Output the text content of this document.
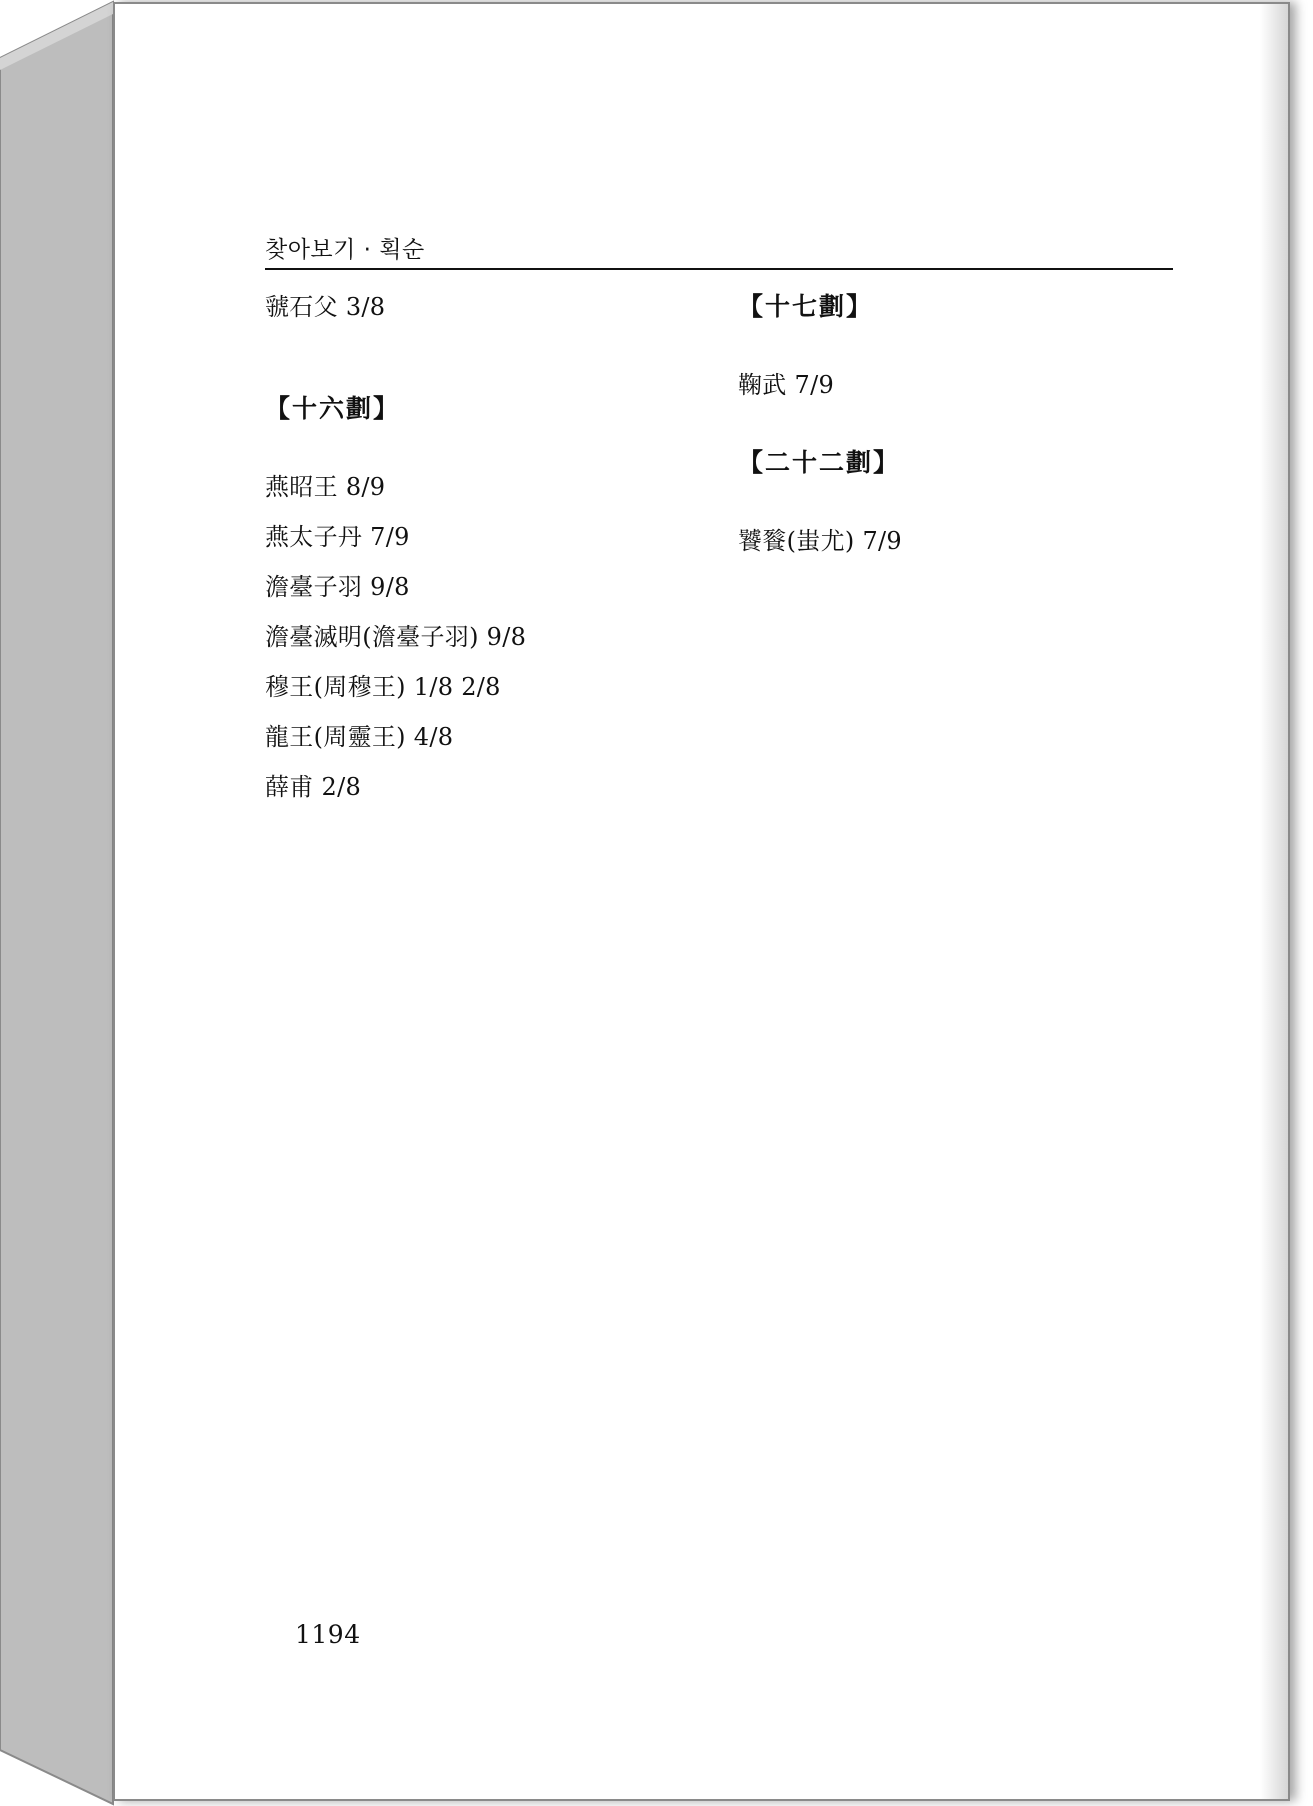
찾아보기 · 획순
虢石父 3/8
【十六劃】
燕昭王 8/9
燕太子丹 7/9
澹臺子羽 9/8
澹臺滅明(澹臺子羽) 9/8
穆王(周穆王) 1/8 2/8
龍王(周靈王) 4/8
薛甫 2/8
【十七劃】
鞠武 7/9
【二十二劃】
饕餮(蚩尤) 7/9
1194
